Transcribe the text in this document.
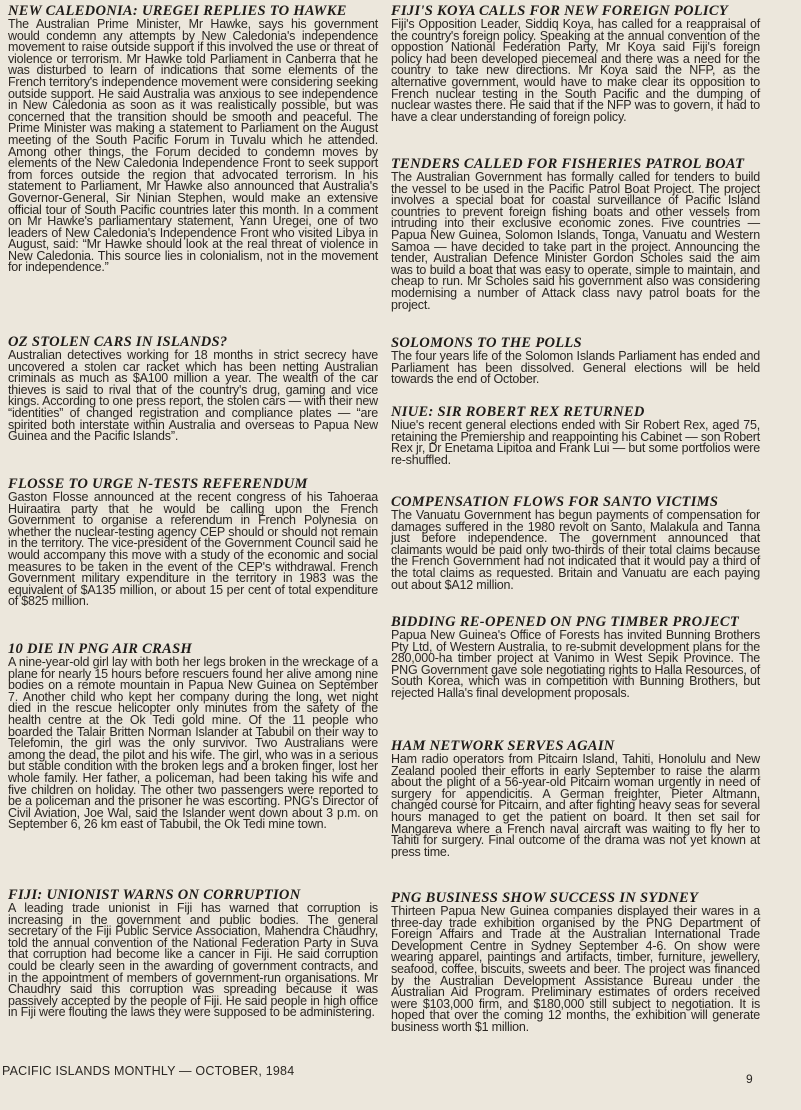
NEW CALEDONIA: UREGEI REPLIES TO HAWKE

The Australian Prime Minister, Mr Hawke, says his government would condemn any attempts by New Caledonia's independence movement to raise outside support if this involved the use or threat of violence or terrorism. Mr Hawke told Parliament in Canberra that he was disturbed to learn of indications that some elements of the French territory's independence movement were considering seeking outside support. He said Australia was anxious to see independence in New Caledonia as soon as it was realistically possible, but was concerned that the transition should be smooth and peaceful. The Prime Minister was making a statement to Parliament on the August meeting of the South Pacific Forum in Tuvalu which he attended. Among other things, the Forum decided to condemn moves by elements of the New Caledonia Independence Front to seek support from forces outside the region that advocated terrorism. In his statement to Parliament, Mr Hawke also announced that Australia's Governor-General, Sir Ninian Stephen, would make an extensive official tour of South Pacific countries later this month. In a comment on Mr Hawke's parliamentary statement, Yann Uregei, one of two leaders of New Caledonia's Independence Front who visited Libya in August, said: “Mr Hawke should look at the real threat of violence in New Caledonia. This source lies in colonialism, not in the movement for independence.”

OZ STOLEN CARS IN ISLANDS?

Australian detectives working for 18 months in strict secrecy have uncovered a stolen car racket which has been netting Australian criminals as much as $A100 million a year. The wealth of the car thieves is said to rival that of the country's drug, gaming and vice kings. According to one press report, the stolen cars — with their new “identities” of changed registration and compliance plates — “are spirited both interstate within Australia and overseas to Papua New Guinea and the Pacific Islands”.

FLOSSE TO URGE N-TESTS REFERENDUM

Gaston Flosse announced at the recent congress of his Tahoeraa Huiraatira party that he would be calling upon the French Government to organise a referendum in French Polynesia on whether the nuclear-testing agency CEP should or should not remain in the territory. The vice-president of the Government Council said he would accompany this move with a study of the economic and social measures to be taken in the event of the CEP's withdrawal. French Government military expenditure in the territory in 1983 was the equivalent of $A135 million, or about 15 per cent of total expenditure of $825 million.

10 DIE IN PNG AIR CRASH

A nine-year-old girl lay with both her legs broken in the wreckage of a plane for nearly 15 hours before rescuers found her alive among nine bodies on a remote mountain in Papua New Guinea on September 7. Another child who kept her company during the long, wet night died in the rescue helicopter only minutes from the safety of the health centre at the Ok Tedi gold mine. Of the 11 people who boarded the Talair Britten Norman Islander at Tabubil on their way to Telefomin, the girl was the only survivor. Two Australians were among the dead, the pilot and his wife. The girl, who was in a serious but stable condition with the broken legs and a broken finger, lost her whole family. Her father, a policeman, had been taking his wife and five children on holiday. The other two passengers were reported to be a policeman and the prisoner he was escorting. PNG's Director of Civil Aviation, Joe Wal, said the Islander went down about 3 p.m. on September 6, 26 km east of Tabubil, the Ok Tedi mine town.

FIJI: UNIONIST WARNS ON CORRUPTION

A leading trade unionist in Fiji has warned that corruption is increasing in the government and public bodies. The general secretary of the Fiji Public Service Association, Mahendra Chaudhry, told the annual convention of the National Federation Party in Suva that corruption had become like a cancer in Fiji. He said corruption could be clearly seen in the awarding of government contracts, and in the appointment of members of government-run organisations. Mr Chaudhry said this corruption was spreading because it was passively accepted by the people of Fiji. He said people in high office in Fiji were flouting the laws they were supposed to be administering.

FIJI'S KOYA CALLS FOR NEW FOREIGN POLICY

Fiji's Opposition Leader, Siddiq Koya, has called for a reappraisal of the country's foreign policy. Speaking at the annual convention of the oppostion National Federation Party, Mr Koya said Fiji's foreign policy had been developed piecemeal and there was a need for the country to take new directions. Mr Koya said the NFP, as the alternative government, would have to make clear its opposition to French nuclear testing in the South Pacific and the dumping of nuclear wastes there. He said that if the NFP was to govern, it had to have a clear understanding of foreign policy.

TENDERS CALLED FOR FISHERIES PATROL BOAT

The Australian Government has formally called for tenders to build the vessel to be used in the Pacific Patrol Boat Project. The project involves a special boat for coastal surveillance of Pacific Island countries to prevent foreign fishing boats and other vessels from intruding into their exclusive economic zones. Five countries — Papua New Guinea, Solomon Islands, Tonga, Vanuatu and Western Samoa — have decided to take part in the project. Announcing the tender, Australian Defence Minister Gordon Scholes said the aim was to build a boat that was easy to operate, simple to maintain, and cheap to run. Mr Scholes said his government also was considering modernising a number of Attack class navy patrol boats for the project.

SOLOMONS TO THE POLLS

The four years life of the Solomon Islands Parliament has ended and Parliament has been dissolved. General elections will be held towards the end of October.

NIUE: SIR ROBERT REX RETURNED

Niue's recent general elections ended with Sir Robert Rex, aged 75, retaining the Premiership and reappointing his Cabinet — son Robert Rex jr, Dr Enetama Lipitoa and Frank Lui — but some portfolios were re-shuffled.

COMPENSATION FLOWS FOR SANTO VICTIMS

The Vanuatu Government has begun payments of compensation for damages suffered in the 1980 revolt on Santo, Malakula and Tanna just before independence. The government announced that claimants would be paid only two-thirds of their total claims because the French Government had not indicated that it would pay a third of the total claims as requested. Britain and Vanuatu are each paying out about $A12 million.

BIDDING RE-OPENED ON PNG TIMBER PROJECT

Papua New Guinea's Office of Forests has invited Bunning Brothers Pty Ltd, of Western Australia, to re-submit development plans for the 280,000-ha timber project at Vanimo in West Sepik Province. The PNG Government gave sole negotiating rights to Halla Resources, of South Korea, which was in competition with Bunning Brothers, but rejected Halla's final development proposals.

HAM NETWORK SERVES AGAIN

Ham radio operators from Pitcairn Island, Tahiti, Honolulu and New Zealand pooled their efforts in early September to raise the alarm about the plight of a 56-year-old Pitcairn woman urgently in need of surgery for appendicitis. A German freighter, Pieter Altmann, changed course for Pitcairn, and after fighting heavy seas for several hours managed to get the patient on board. It then set sail for Mangareva where a French naval aircraft was waiting to fly her to Tahiti for surgery. Final outcome of the drama was not yet known at press time.

PNG BUSINESS SHOW SUCCESS IN SYDNEY

Thirteen Papua New Guinea companies displayed their wares in a three-day trade exhibition organised by the PNG Department of Foreign Affairs and Trade at the Australian International Trade Development Centre in Sydney September 4-6. On show were wearing apparel, paintings and artifacts, timber, furniture, jewellery, seafood, coffee, biscuits, sweets and beer. The project was financed by the Australian Development Assistance Bureau under the Australian Aid Program. Preliminary estimates of orders received were $103,000 firm, and $180,000 still subject to negotiation. It is hoped that over the coming 12 months, the exhibition will generate business worth $1 million.

PACIFIC ISLANDS MONTHLY — OCTOBER, 1984
9
